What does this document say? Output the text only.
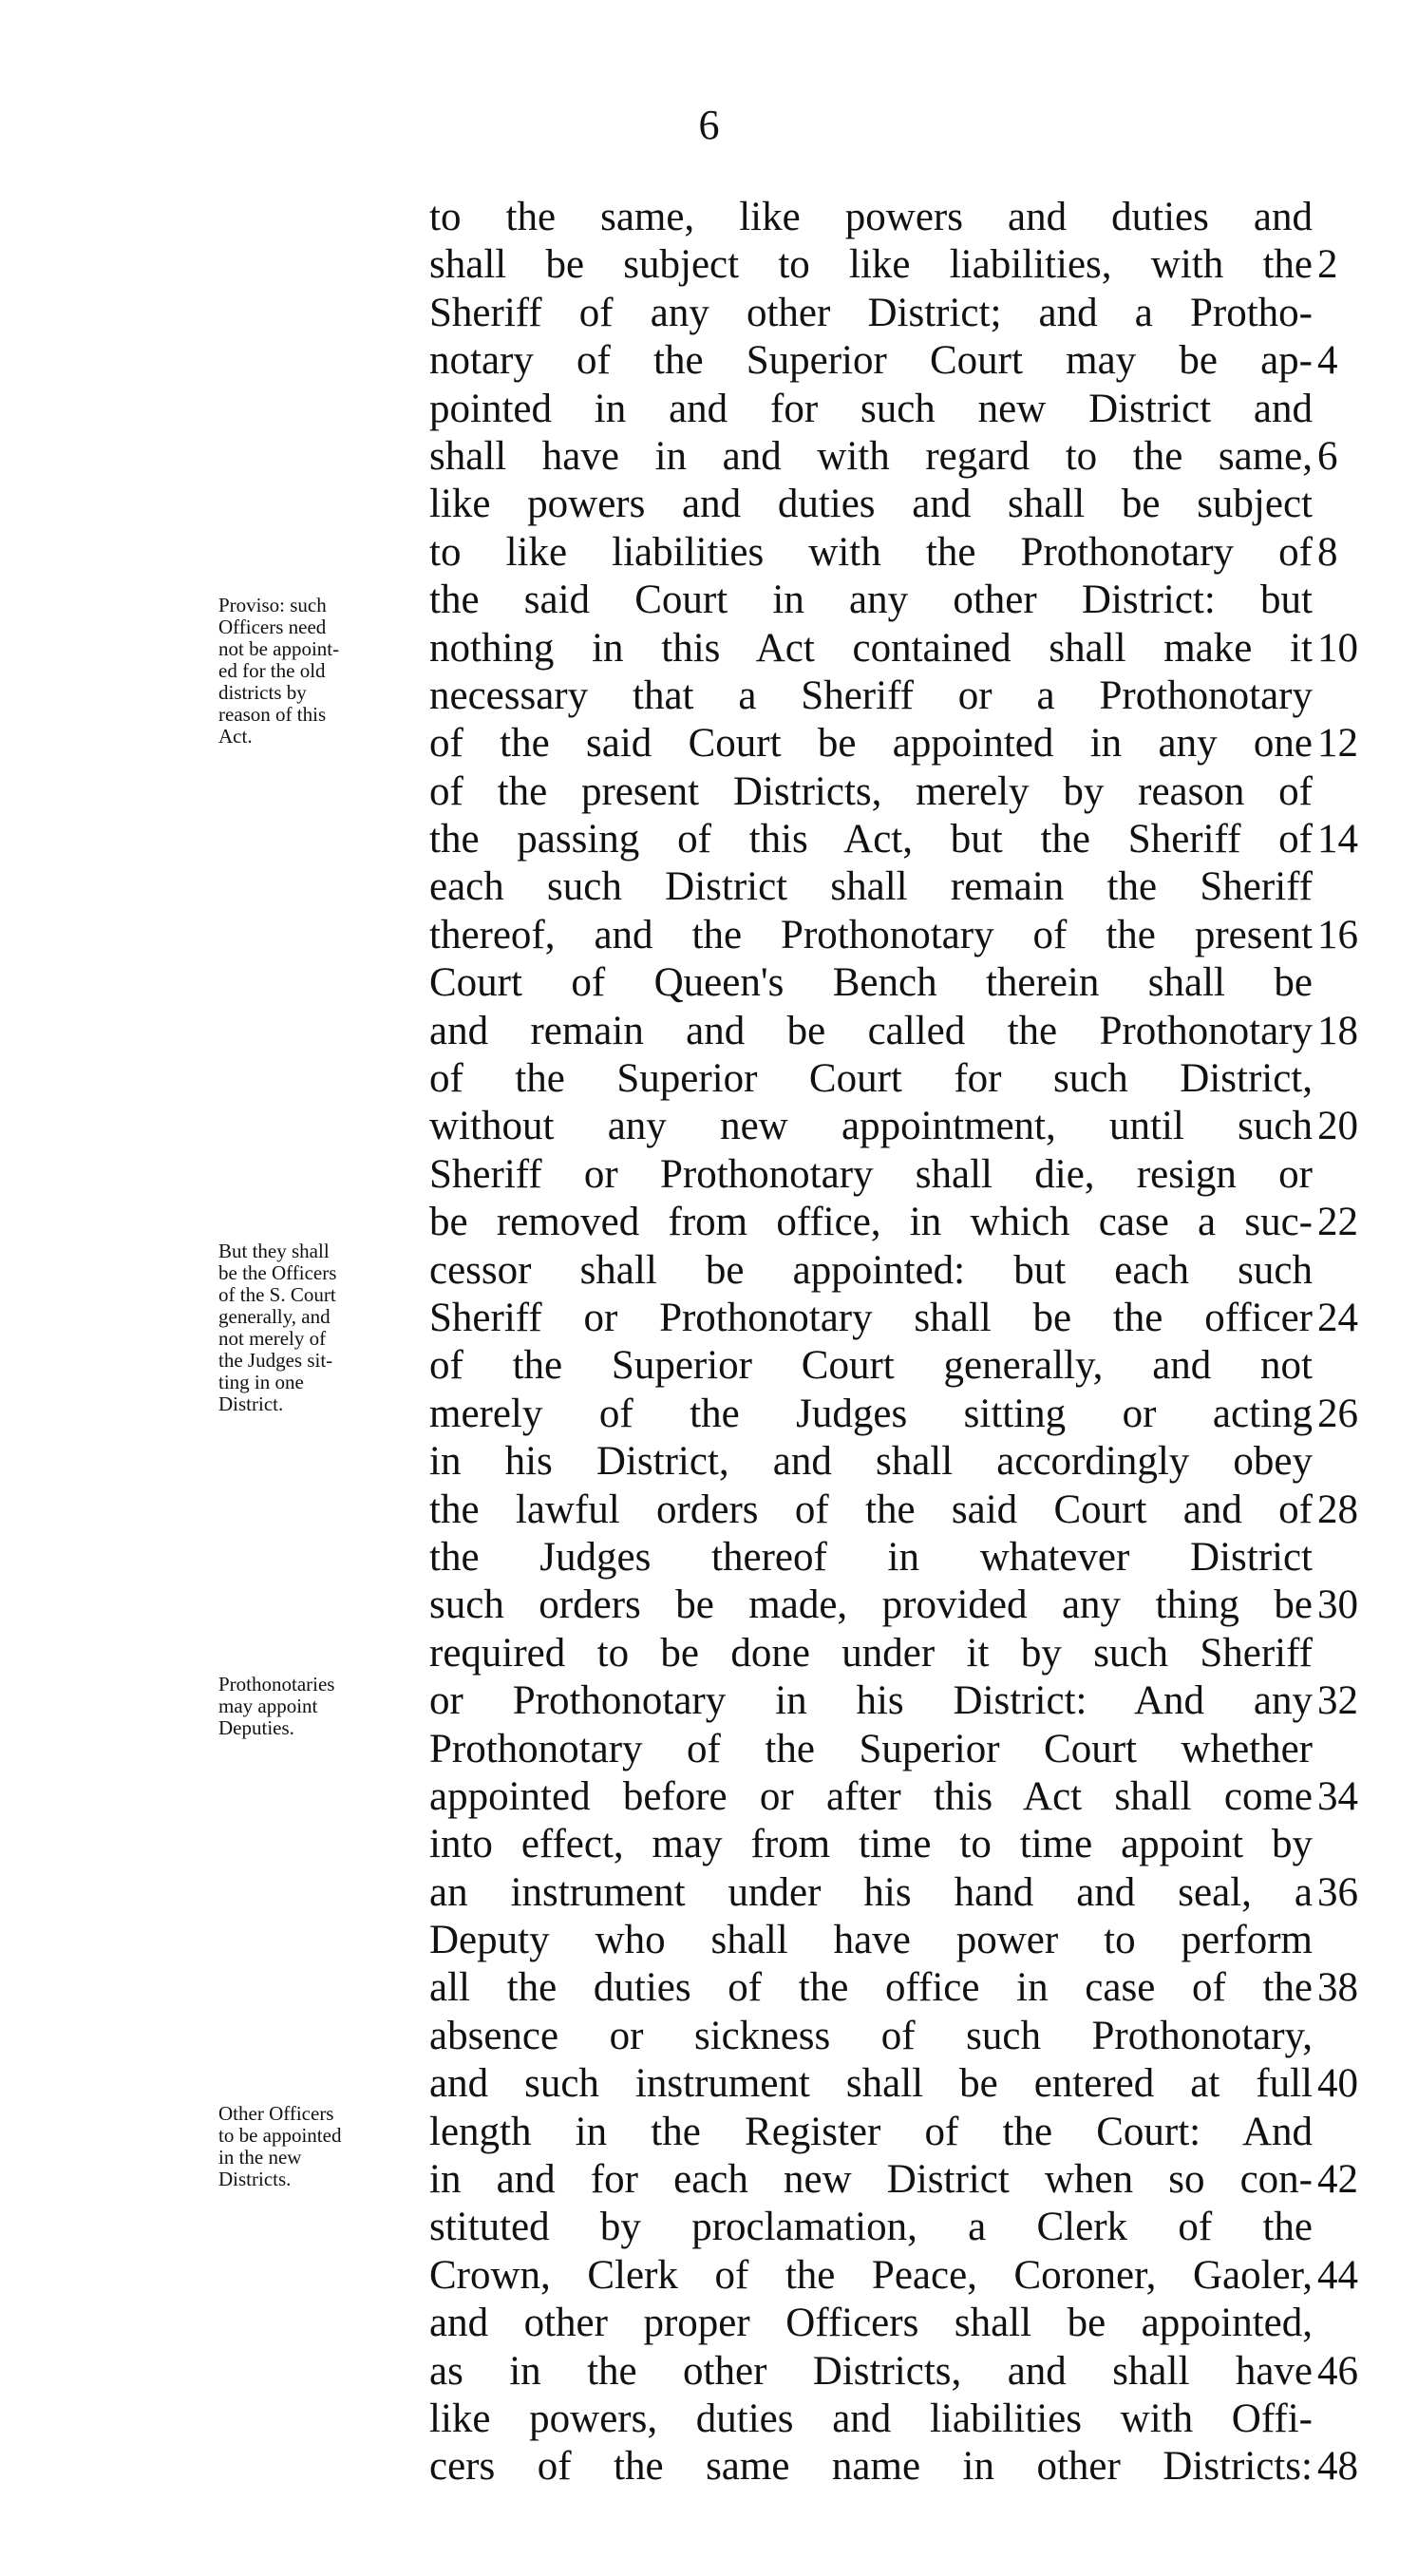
6
Proviso: such
Officers need
not be appoint-
ed for the old
districts by
reason of this
Act.
But they shall
be the Officers
of the S. Court
generally, and
not merely of
the Judges sit-
ting in one
District.
Prothonotaries
may appoint
Deputies.
Other Officers
to be appointed
in the new
Districts.
to the same, like powers and duties and
shall be subject to like liabilities, with the 2
Sheriff of any other District; and a Protho-
notary of the Superior Court may be ap- 4
pointed in and for such new District and
shall have in and with regard to the same, 6
like powers and duties and shall be subject
to like liabilities with the Prothonotary of 8
the said Court in any other District: but
nothing in this Act contained shall make it 10
necessary that a Sheriff or a Prothonotary
of the said Court be appointed in any one 12
of the present Districts, merely by reason of
the passing of this Act, but the Sheriff of 14
each such District shall remain the Sheriff
thereof, and the Prothonotary of the present 16
Court of Queen's Bench therein shall be
and remain and be called the Prothonotary 18
of the Superior Court for such District,
without any new appointment, until such 20
Sheriff or Prothonotary shall die, resign or
be removed from office, in which case a suc- 22
cessor shall be appointed: but each such
Sheriff or Prothonotary shall be the officer 24
of the Superior Court generally, and not
merely of the Judges sitting or acting 26
in his District, and shall accordingly obey
the lawful orders of the said Court and of 28
the Judges thereof in whatever District
such orders be made, provided any thing be 30
required to be done under it by such Sheriff
or Prothonotary in his District: And any 32
Prothonotary of the Superior Court whether
appointed before or after this Act shall come 34
into effect, may from time to time appoint by
an instrument under his hand and seal, a 36
Deputy who shall have power to perform
all the duties of the office in case of the 38
absence or sickness of such Prothonotary,
and such instrument shall be entered at full 40
length in the Register of the Court: And
in and for each new District when so con- 42
stituted by proclamation, a Clerk of the
Crown, Clerk of the Peace, Coroner, Gaoler, 44
and other proper Officers shall be appointed,
as in the other Districts, and shall have 46
like powers, duties and liabilities with Offi-
cers of the same name in other Districts: 48
